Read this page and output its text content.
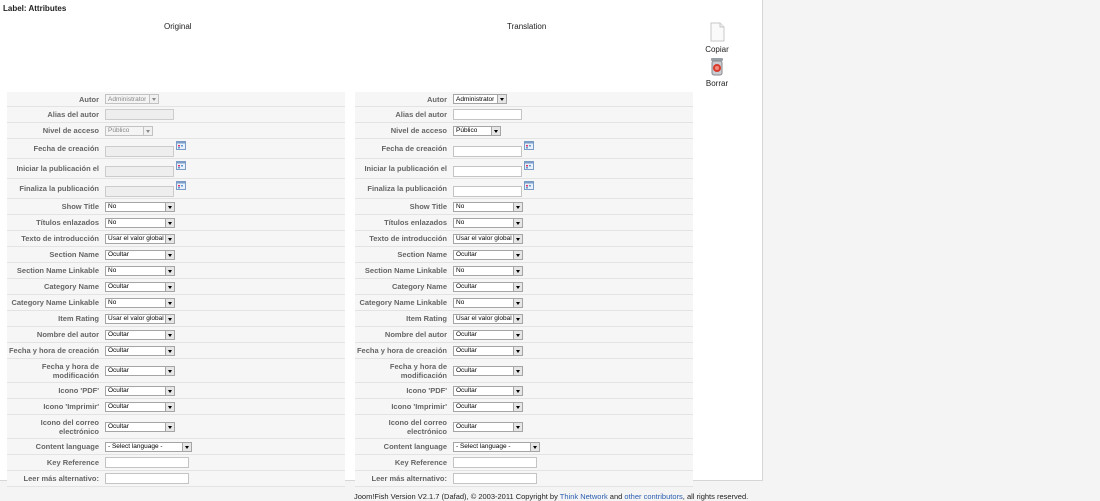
Label: Attributes
Original	Translation
Copiar
Borrar
Autor	Administrator
Alias del autor
Nivel de acceso	Público
Fecha de creación
Iniciar la publicación el
Finaliza la publicación
Show Title	No
Títulos enlazados	No
Texto de introducción	Usar el valor global
Section Name	Ocultar
Section Name Linkable	No
Category Name	Ocultar
Category Name Linkable	No
Item Rating	Usar el valor global
Nombre del autor	Ocultar
Fecha y hora de creación	Ocultar
Fecha y hora de modificación	Ocultar
Icono 'PDF'	Ocultar
Icono 'Imprimir'	Ocultar
Icono del correo electrónico	Ocultar
Content language	- Select language -
Key Reference
Leer más alternativo:
Autor	Administrator
Alias del autor
Nivel de acceso	Público
Fecha de creación
Iniciar la publicación el
Finaliza la publicación
Show Title	No
Títulos enlazados	No
Texto de introducción	Usar el valor global
Section Name	Ocultar
Section Name Linkable	No
Category Name	Ocultar
Category Name Linkable	No
Item Rating	Usar el valor global
Nombre del autor	Ocultar
Fecha y hora de creación	Ocultar
Fecha y hora de modificación	Ocultar
Icono 'PDF'	Ocultar
Icono 'Imprimir'	Ocultar
Icono del correo electrónico	Ocultar
Content language	- Select language -
Key Reference
Leer más alternativo:
Joom!Fish Version V2.1.7 (Dafad), © 2003-2011 Copyright by Think Network and other contributors, all rights reserved.
